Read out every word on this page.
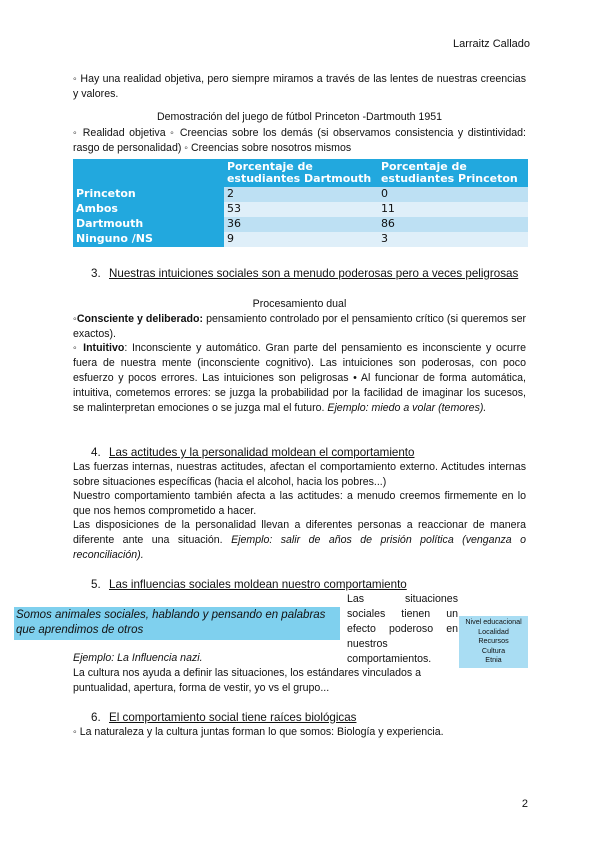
Larraitz Callado
◦ Hay una realidad objetiva, pero siempre miramos a través de las lentes de nuestras creencias y valores.
Demostración del juego de fútbol Princeton -Dartmouth 1951
◦ Realidad objetiva ◦ Creencias sobre los demás (si observamos consistencia y distintividad: rasgo de personalidad) ◦ Creencias sobre nosotros mismos
	Porcentaje de estudiantes Dartmouth	Porcentaje de estudiantes Princeton
Princeton	2	0
Ambos	53	11
Dartmouth	36	86
Ninguno /NS	9	3
3. Nuestras intuiciones sociales son a menudo poderosas pero a veces peligrosas
Procesamiento dual
◦Consciente y deliberado: pensamiento controlado por el pensamiento crítico (si queremos ser exactos).
◦ Intuitivo: Inconsciente y automático. Gran parte del pensamiento es inconsciente y ocurre fuera de nuestra mente (inconsciente cognitivo). Las intuiciones son poderosas, con poco esfuerzo y pocos errores. Las intuiciones son peligrosas • Al funcionar de forma automática, intuitiva, cometemos errores: se juzga la probabilidad por la facilidad de imaginar los sucesos, se malinterpretan emociones o se juzga mal el futuro. Ejemplo: miedo a volar (temores).
4. Las actitudes y la personalidad moldean el comportamiento
Las fuerzas internas, nuestras actitudes, afectan el comportamiento externo. Actitudes internas sobre situaciones específicas (hacia el alcohol, hacia los pobres...)
Nuestro comportamiento también afecta a las actitudes: a menudo creemos firmemente en lo que nos hemos comprometido a hacer.
Las disposiciones de la personalidad llevan a diferentes personas a reaccionar de manera diferente ante una situación. Ejemplo: salir de años de prisión política (venganza o reconciliación).
5. Las influencias sociales moldean nuestro comportamiento
Las situaciones sociales tienen un efecto poderoso en nuestros comportamientos.
Somos animales sociales, hablando y pensando en palabras que aprendimos de otros
Nivel educacional
Localidad
Recursos
Cultura
Etnia
Ejemplo: La Influencia nazi.
La cultura nos ayuda a definir las situaciones, los estándares vinculados a puntualidad, apertura, forma de vestir, yo vs el grupo...
6. El comportamiento social tiene raíces biológicas
◦ La naturaleza y la cultura juntas forman lo que somos: Biología y experiencia.
2
